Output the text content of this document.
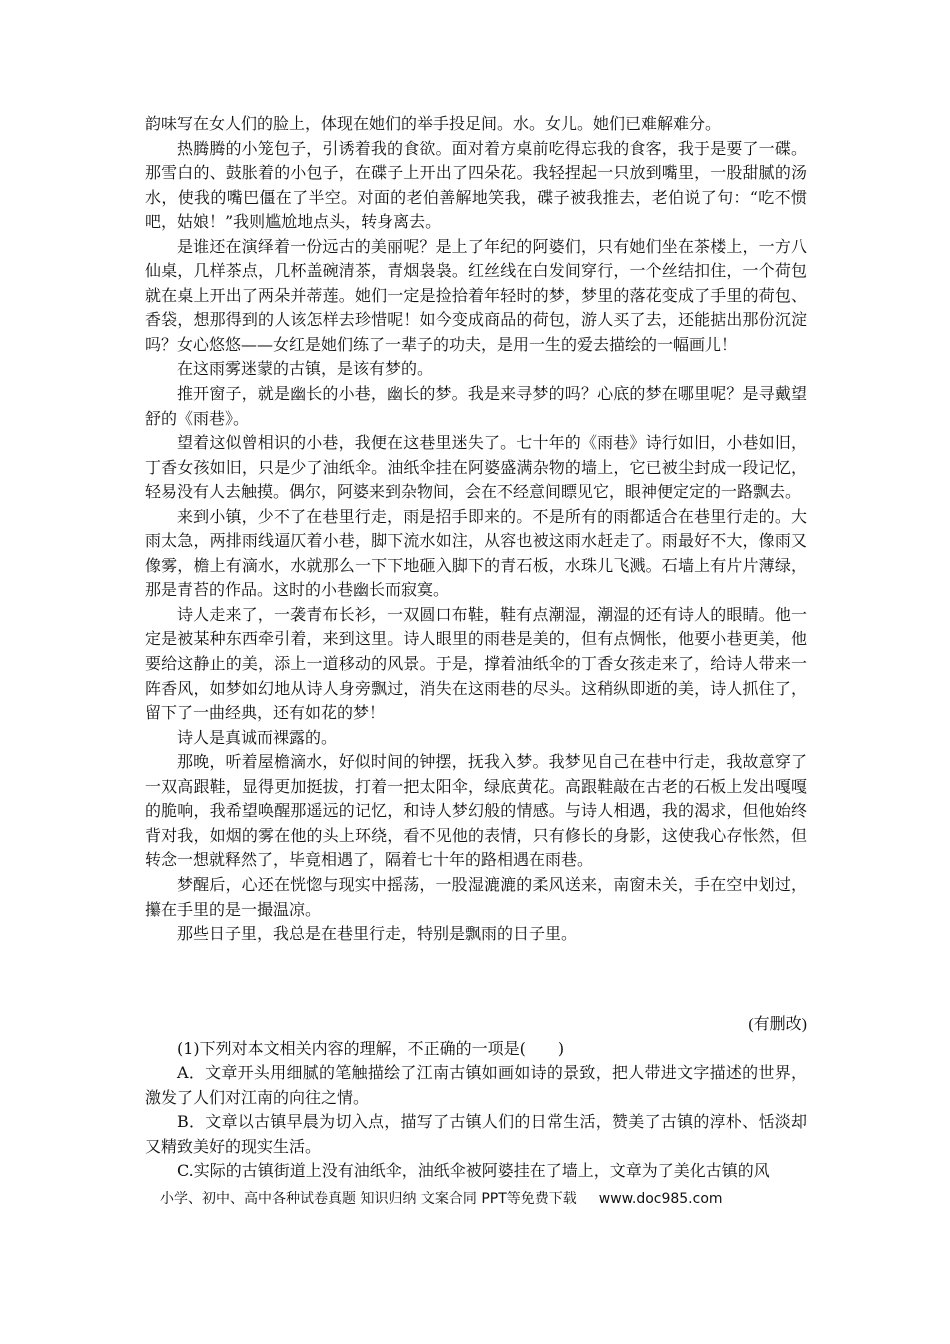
韵味写在女人们的脸上，体现在她们的举手投足间。水。女儿。她们已难解难分。

热腾腾的小笼包子，引诱着我的食欲。面对着方桌前吃得忘我的食客，我于是要了一碟。那雪白的、鼓胀着的小包子，在碟子上开出了四朵花。我轻捏起一只放到嘴里，一股甜腻的汤水，使我的嘴巴僵在了半空。对面的老伯善解地笑我，碟子被我推去，老伯说了句：“吃不惯吧，姑娘！”我则尴尬地点头，转身离去。

是谁还在演绎着一份远古的美丽呢？是上了年纪的阿婆们，只有她们坐在茶楼上，一方八仙桌，几样茶点，几杯盖碗清茶，青烟袅袅。红丝线在白发间穿行，一个丝结扣住，一个荷包就在桌上开出了两朵并蒂莲。她们一定是捡拾着年轻时的梦，梦里的落花变成了手里的荷包、香袋，想那得到的人该怎样去珍惜呢！如今变成商品的荷包，游人买了去，还能掂出那份沉淀吗？女心悠悠——女红是她们练了一辈子的功夫，是用一生的爱去描绘的一幅画儿！

在这雨雾迷蒙的古镇，是该有梦的。

推开窗子，就是幽长的小巷，幽长的梦。我是来寻梦的吗？心底的梦在哪里呢？是寻戴望舒的《雨巷》。

望着这似曾相识的小巷，我便在这巷里迷失了。七十年的《雨巷》诗行如旧，小巷如旧，丁香女孩如旧，只是少了油纸伞。油纸伞挂在阿婆盛满杂物的墙上，它已被尘封成一段记忆，轻易没有人去触摸。偶尔，阿婆来到杂物间，会在不经意间瞟见它，眼神便定定的一路飘去。

来到小镇，少不了在巷里行走，雨是招手即来的。不是所有的雨都适合在巷里行走的。大雨太急，两排雨线逼仄着小巷，脚下流水如注，从容也被这雨水赶走了。雨最好不大，像雨又像雾，檐上有滴水，水就那么一下下地砸入脚下的青石板，水珠儿飞溅。石墙上有片片薄绿，那是青苔的作品。这时的小巷幽长而寂寞。

诗人走来了，一袭青布长衫，一双圆口布鞋，鞋有点潮湿，潮湿的还有诗人的眼睛。他一定是被某种东西牵引着，来到这里。诗人眼里的雨巷是美的，但有点惆怅，他要小巷更美，他要给这静止的美，添上一道移动的风景。于是，撑着油纸伞的丁香女孩走来了，给诗人带来一阵香风，如梦如幻地从诗人身旁飘过，消失在这雨巷的尽头。这稍纵即逝的美，诗人抓住了，留下了一曲经典，还有如花的梦！

诗人是真诚而裸露的。

那晚，听着屋檐滴水，好似时间的钟摆，抚我入梦。我梦见自己在巷中行走，我故意穿了一双高跟鞋，显得更加挺拔，打着一把太阳伞，绿底黄花。高跟鞋敲在古老的石板上发出嘎嘎的脆响，我希望唤醒那遥远的记忆，和诗人梦幻般的情感。与诗人相遇，我的渴求，但他始终背对我，如烟的雾在他的头上环绕，看不见他的表情，只有修长的身影，这使我心存怅然，但转念一想就释然了，毕竟相遇了，隔着七十年的路相遇在雨巷。

梦醒后，心还在恍惚与现实中摇荡，一股湿漉漉的柔风送来，南窗未关，手在空中划过，攥在手里的是一撮温凉。

那些日子里，我总是在巷里行走，特别是飘雨的日子里。

(有删改)

(1)下列对本文相关内容的理解，不正确的一项是(　　)

A．文章开头用细腻的笔触描绘了江南古镇如画如诗的景致，把人带进文字描述的世界，激发了人们对江南的向往之情。

B．文章以古镇早晨为切入点，描写了古镇人们的日常生活，赞美了古镇的淳朴、恬淡却又精致美好的现实生活。

C.实际的古镇街道上没有油纸伞，油纸伞被阿婆挂在了墙上，文章为了美化古镇的风

小学、初中、高中各种试卷真题 知识归纳 文案合同 PPT等免费下载 www.doc985.com
